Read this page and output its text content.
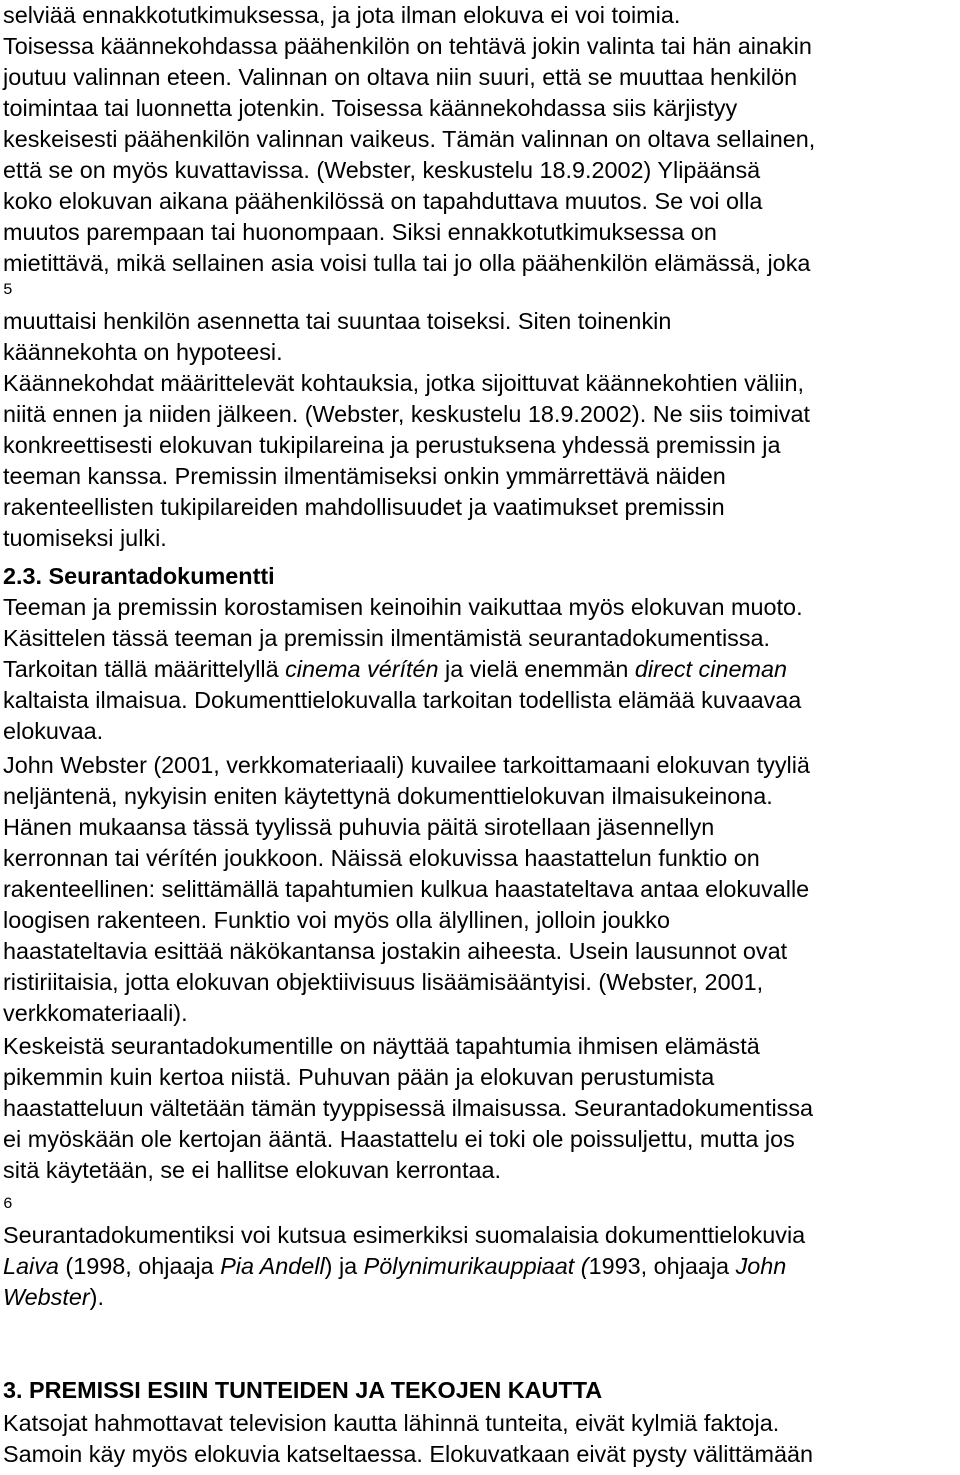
selviää ennakkotutkimuksessa, ja jota ilman elokuva ei voi toimia.
Toisessa käännekohdassa päähenkilön on tehtävä jokin valinta tai hän ainakin
joutuu valinnan eteen. Valinnan on oltava niin suuri, että se muuttaa henkilön
toimintaa tai luonnetta jotenkin. Toisessa käännekohdassa siis kärjistyy
keskeisesti päähenkilön valinnan vaikeus. Tämän valinnan on oltava sellainen,
että se on myös kuvattavissa. (Webster, keskustelu 18.9.2002) Ylipäänsä
koko elokuvan aikana päähenkilössä on tapahduttava muutos. Se voi olla
muutos parempaan tai huonompaan. Siksi ennakkotutkimuksessa on
mietittävä, mikä sellainen asia voisi tulla tai jo olla päähenkilön elämässä, joka
5
muuttaisi henkilön asennetta tai suuntaa toiseksi. Siten toinenkin
käännekohta on hypoteesi.
Käännekohdat määrittelevät kohtauksia, jotka sijoittuvat käännekohtien väliin,
niitä ennen ja niiden jälkeen. (Webster, keskustelu 18.9.2002). Ne siis toimivat
konkreettisesti elokuvan tukipilareina ja perustuksena yhdessä premissin ja
teeman kanssa. Premissin ilmentämiseksi onkin ymmärrettävä näiden
rakenteellisten tukipilareiden mahdollisuudet ja vaatimukset premissin
tuomiseksi julki.
2.3. Seurantadokumentti
Teeman ja premissin korostamisen keinoihin vaikuttaa myös elokuvan muoto.
Käsittelen tässä teeman ja premissin ilmentämistä seurantadokumentissa.
Tarkoitan tällä määrittelyllä cinema vérítén ja vielä enemmän direct cineman
kaltaista ilmaisua. Dokumenttielokuvalla tarkoitan todellista elämää kuvaavaa
elokuvaa.
John Webster (2001, verkkomateriaali) kuvailee tarkoittamaani elokuvan tyyliä
neljäntenä, nykyisin eniten käytettynä dokumenttielokuvan ilmaisukeinona.
Hänen mukaansa tässä tyylissä puhuvia päitä sirotellaan jäsennellyn
kerronnan tai vérítén joukkoon. Näissä elokuvissa haastattelun funktio on
rakenteellinen: selittämällä tapahtumien kulkua haastateltava antaa elokuvalle
loogisen rakenteen. Funktio voi myös olla älyllinen, jolloin joukko
haastateltavia esittää näkökantansa jostakin aiheesta. Usein lausunnot ovat
ristiriitaisia, jotta elokuvan objektiivisuus lisäämisääntyisi. (Webster, 2001,
verkkomateriaali).
Keskeistä seurantadokumentille on näyttää tapahtumia ihmisen elämästä
pikemmin kuin kertoa niistä. Puhuvan pään ja elokuvan perustumista
haastatteluun vältetään tämän tyyppisessä ilmaisussa. Seurantadokumentissa
ei myöskään ole kertojan ääntä. Haastattelu ei toki ole poissuljettu, mutta jos
sitä käytetään, se ei hallitse elokuvan kerrontaa.
6
Seurantadokumentiksi voi kutsua esimerkiksi suomalaisia dokumenttielokuvia
Laiva (1998, ohjaaja Pia Andell) ja Pölynimurikauppiaat (1993, ohjaaja John
Webster).
3. PREMISSI ESIIN TUNTEIDEN JA TEKOJEN KAUTTA
Katsojat hahmottavat television kautta lähinnä tunteita, eivät kylmiä faktoja.
Samoin käy myös elokuvia katseltaessa. Elokuvatkaan eivät pysty välittämään
